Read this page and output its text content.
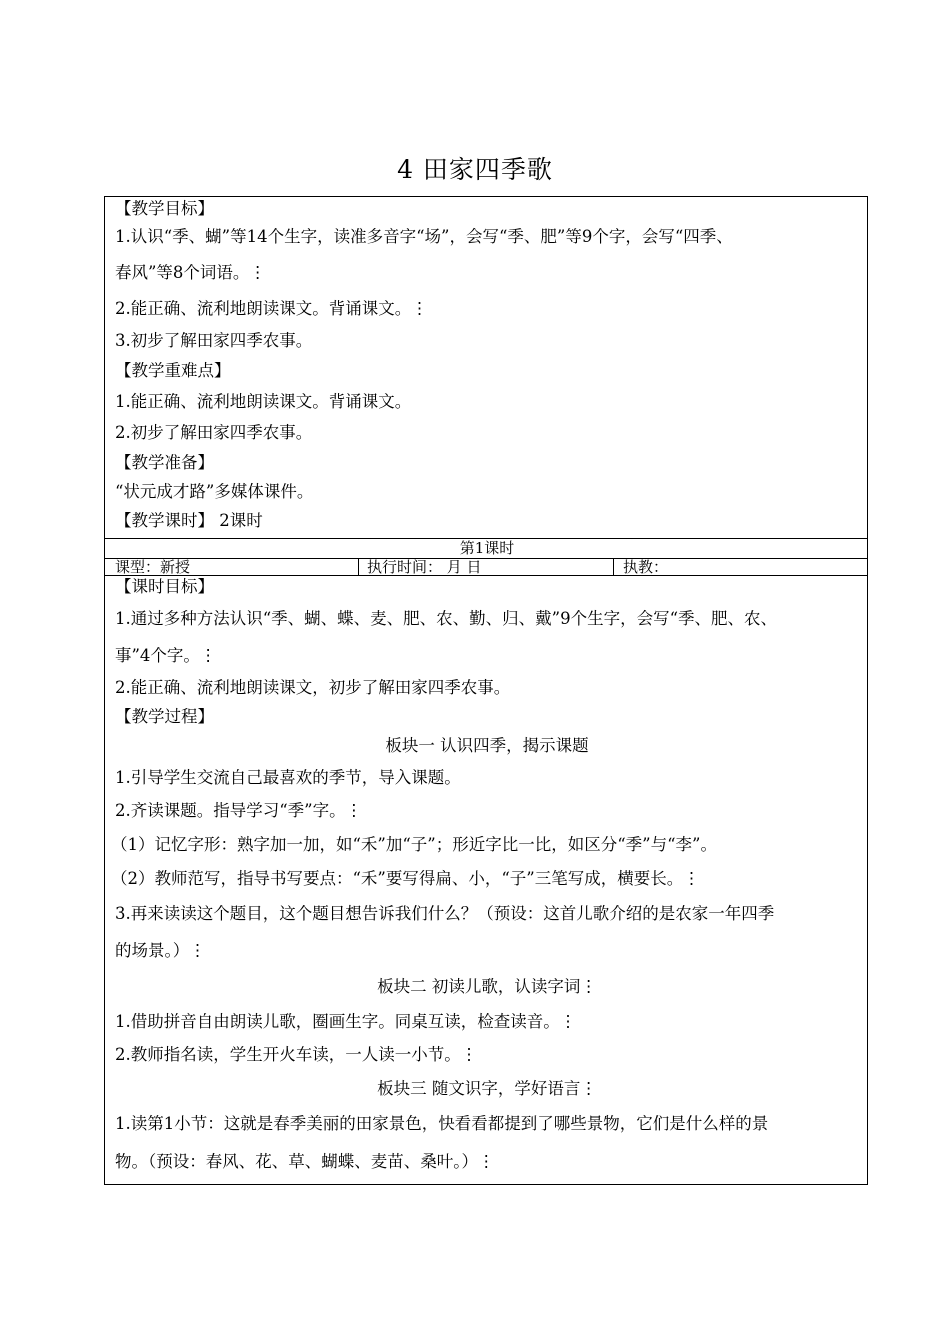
4 田家四季歌
【教学目标】
1.认识“季、蝴”等14个生字，读准多音字“场”，会写“季、肥”等9个字，会写“四季、
春风”等8个词语。⋮
2.能正确、流利地朗读课文。背诵课文。⋮
3.初步了解田家四季农事。
【教学重难点】
1.能正确、流利地朗读课文。背诵课文。
2.初步了解田家四季农事。
【教学准备】
“状元成才路”多媒体课件。
【教学课时】 2课时
第1课时
课型：新授	执行时间： 月 日	执教：
【课时目标】
1.通过多种方法认识“季、蝴、蝶、麦、肥、农、勤、归、戴”9个生字，会写“季、肥、农、
事”4个字。⋮
2.能正确、流利地朗读课文，初步了解田家四季农事。
【教学过程】
板块一 认识四季，揭示课题
1.引导学生交流自己最喜欢的季节，导入课题。
2.齐读课题。指导学习“季”字。⋮
（1）记忆字形：熟字加一加，如“禾”加“子”；形近字比一比，如区分“季”与“李”。
（2）教师范写，指导书写要点：“禾”要写得扁、小，“子”三笔写成，横要长。⋮
3.再来读读这个题目，这个题目想告诉我们什么？（预设：这首儿歌介绍的是农家一年四季
的场景。）⋮
板块二 初读儿歌，认读字词⋮
1.借助拼音自由朗读儿歌，圈画生字。同桌互读，检查读音。⋮
2.教师指名读，学生开火车读，一人读一小节。⋮
板块三 随文识字，学好语言⋮
1.读第1小节：这就是春季美丽的田家景色，快看看都提到了哪些景物，它们是什么样的景
物。（预设：春风、花、草、蝴蝶、麦苗、桑叶。）⋮
